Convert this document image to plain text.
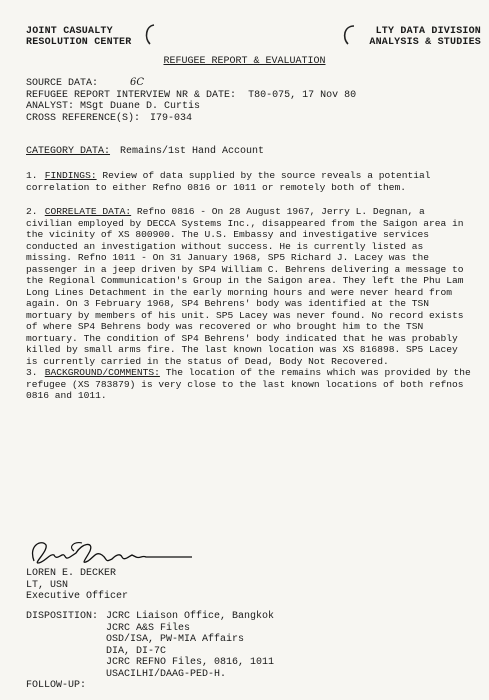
JOINT CASUALTY
RESOLUTION CENTER
LTY DATA DIVISION
ANALYSIS & STUDIES
REFUGEE REPORT & EVALUATION
SOURCE DATA:	6C
REFUGEE REPORT INTERVIEW NR & DATE: T80-075, 17 Nov 80
ANALYST: MSgt Duane D. Curtis
CROSS REFERENCE(S): I79-034
CATEGORY DATA: Remains/1st Hand Account
1. FINDINGS: Review of data supplied by the source reveals a potential correlation to either Refno 0816 or 1011 or remotely both of them.
2. CORRELATE DATA: Refno 0816 - On 28 August 1967, Jerry L. Degnan, a civilian employed by DECCA Systems Inc., disappeared from the Saigon area in the vicinity of XS 800900. The U.S. Embassy and investigative services conducted an investigation without success. He is currently listed as missing. Refno 1011 - On 31 January 1968, SP5 Richard J. Lacey was the passenger in a jeep driven by SP4 William C. Behrens delivering a message to the Regional Communication's Group in the Saigon area. They left the Phu Lam Long Lines Detachment in the early morning hours and were never heard from again. On 3 February 1968, SP4 Behrens' body was identified at the TSN mortuary by members of his unit. SP5 Lacey was never found. No record exists of where SP4 Behrens body was recovered or who brought him to the TSN mortuary. The condition of SP4 Behrens' body indicated that he was probably killed by small arms fire. The last known location was XS 816898. SP5 Lacey is currently carried in the status of Dead, Body Not Recovered.
3. BACKGROUND/COMMENTS: The location of the remains which was provided by the refugee (XS 783879) is very close to the last known locations of both refnos 0816 and 1011.
LOREN E. DECKER
LT, USN
Executive Officer
DISPOSITION: JCRC Liaison Office, Bangkok
JCRC A&S Files
OSD/ISA, PW-MIA Affairs
DIA, DI-7C
JCRC REFNO Files, 0816, 1011
USACILHI/DAAG-PED-H.
FOLLOW-UP:
